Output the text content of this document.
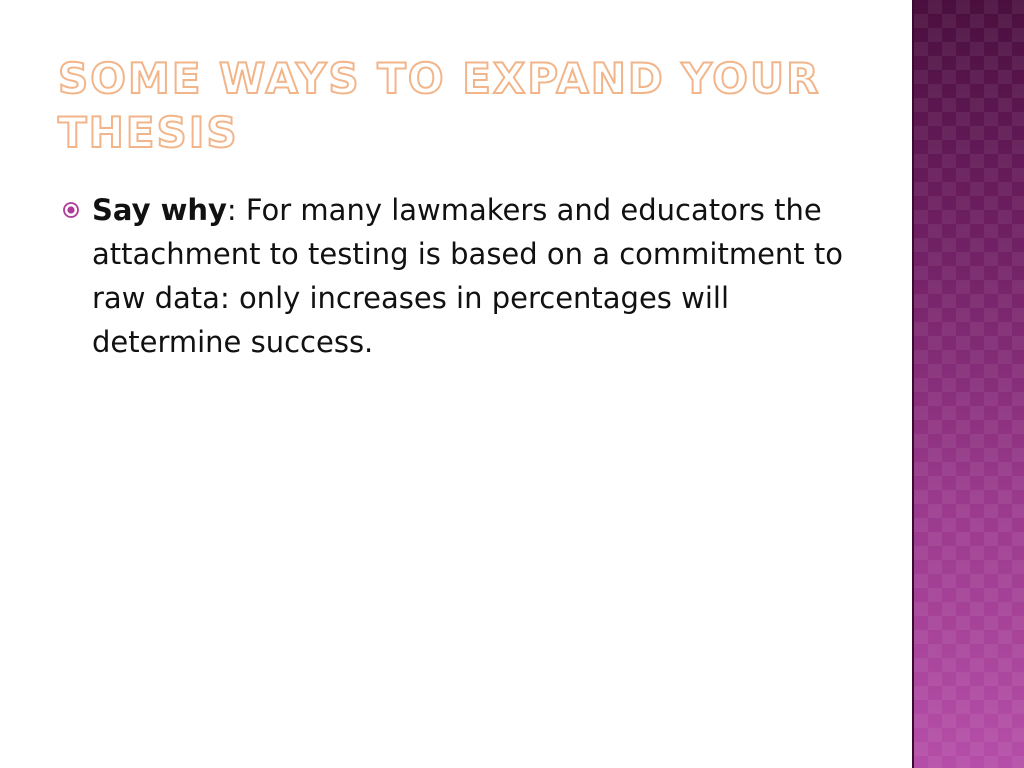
SOME WAYS TO EXPAND YOUR THESIS
Say why: For many lawmakers and educators the attachment to testing is based on a commitment to raw data: only increases in percentages will determine success.
